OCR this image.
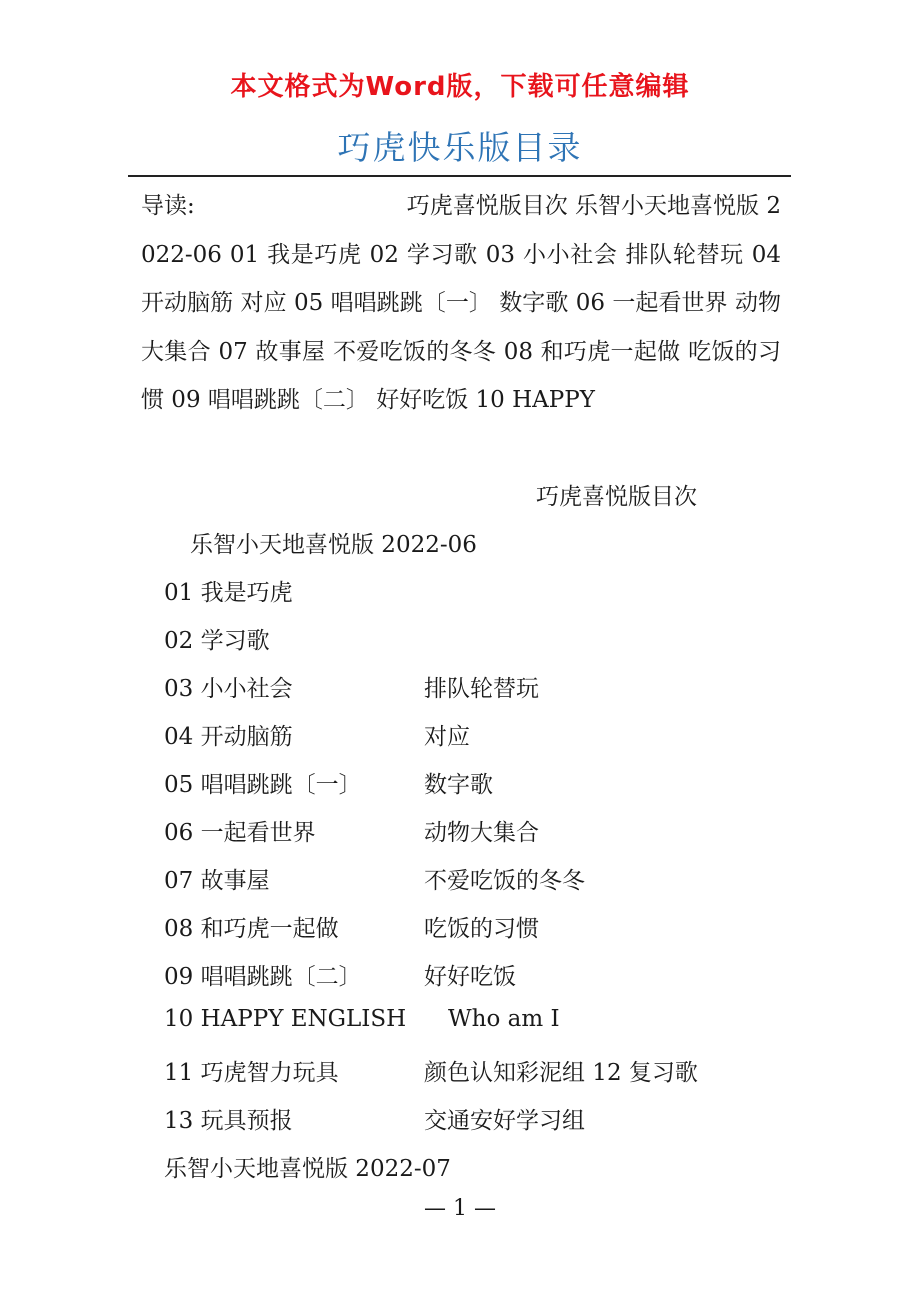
本文格式为Word版，下载可任意编辑
巧虎快乐版目录
导读:	巧虎喜悦版目次 乐智小天地喜悦版 2022-06 01 我是巧虎 02 学习歌 03 小小社会 排队轮替玩 04 开动脑筋 对应 05 唱唱跳跳〔一〕 数字歌 06 一起看世界 动物大集合 07 故事屋 不爱吃饭的冬冬 08 和巧虎一起做 吃饭的习惯 09 唱唱跳跳〔二〕 好好吃饭 10 HAPPY
巧虎喜悦版目次
乐智小天地喜悦版 2022-06
01 我是巧虎
02 学习歌
03 小小社会	排队轮替玩
04 开动脑筋	对应
05 唱唱跳跳〔一〕	数字歌
06 一起看世界	动物大集合
07 故事屋	不爱吃饭的冬冬
08 和巧虎一起做	吃饭的习惯
09 唱唱跳跳〔二〕	好好吃饭
10 HAPPY ENGLISH Who am I
11 巧虎智力玩具	颜色认知彩泥组 12 复习歌
13 玩具预报	交通安好学习组
乐智小天地喜悦版 2022-07
— 1 —
